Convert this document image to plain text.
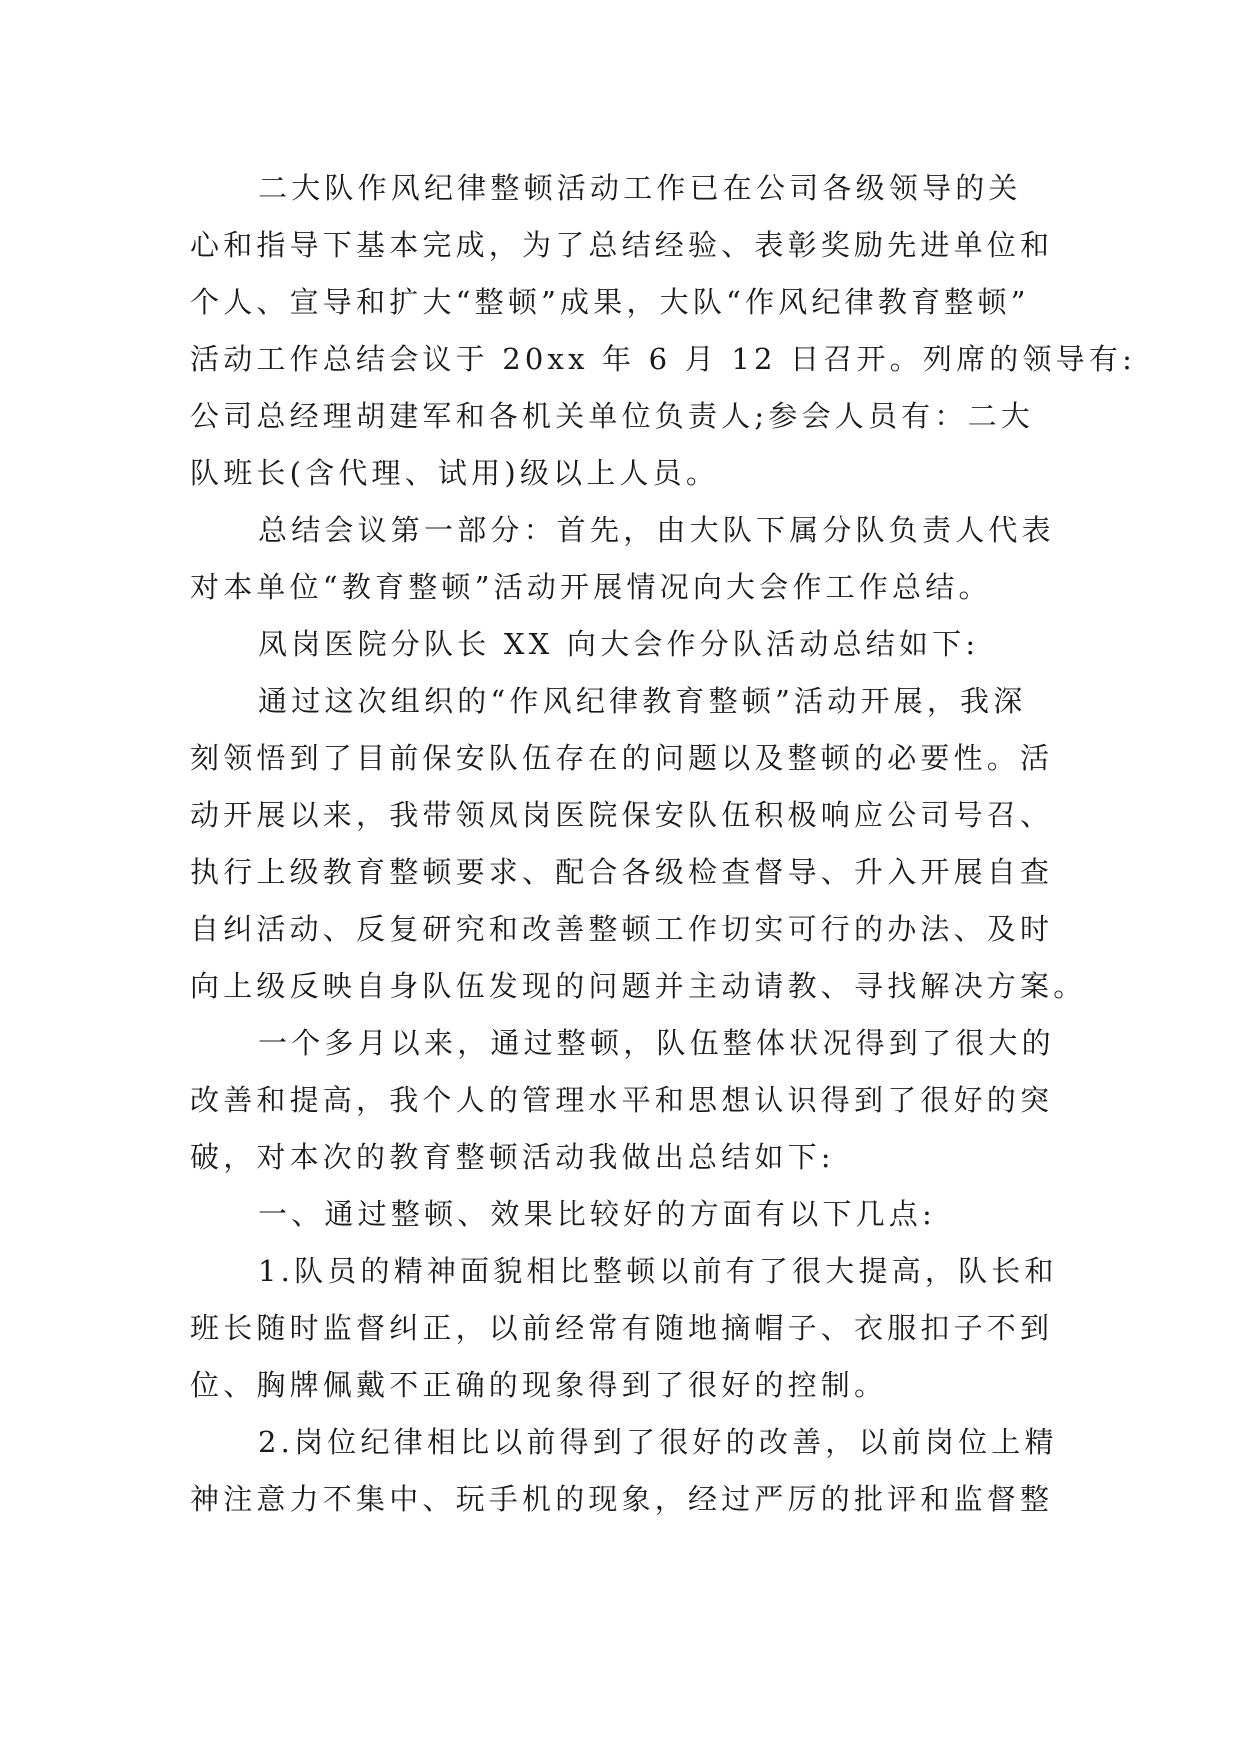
二大队作风纪律整顿活动工作已在公司各级领导的关
心和指导下基本完成，为了总结经验、表彰奖励先进单位和
个人、宣导和扩大“整顿”成果，大队“作风纪律教育整顿”
活动工作总结会议于 20xx 年 6 月 12 日召开。列席的领导有:
公司总经理胡建军和各机关单位负责人;参会人员有：二大
队班长(含代理、试用)级以上人员。
总结会议第一部分：首先，由大队下属分队负责人代表
对本单位“教育整顿”活动开展情况向大会作工作总结。
凤岗医院分队长 XX 向大会作分队活动总结如下:
通过这次组织的“作风纪律教育整顿”活动开展，我深
刻领悟到了目前保安队伍存在的问题以及整顿的必要性。活
动开展以来，我带领凤岗医院保安队伍积极响应公司号召、
执行上级教育整顿要求、配合各级检查督导、升入开展自查
自纠活动、反复研究和改善整顿工作切实可行的办法、及时
向上级反映自身队伍发现的问题并主动请教、寻找解决方案。
一个多月以来，通过整顿，队伍整体状况得到了很大的
改善和提高，我个人的管理水平和思想认识得到了很好的突
破，对本次的教育整顿活动我做出总结如下:
一、通过整顿、效果比较好的方面有以下几点:
1.队员的精神面貌相比整顿以前有了很大提高，队长和
班长随时监督纠正，以前经常有随地摘帽子、衣服扣子不到
位、胸牌佩戴不正确的现象得到了很好的控制。
2.岗位纪律相比以前得到了很好的改善，以前岗位上精
神注意力不集中、玩手机的现象，经过严厉的批评和监督整
